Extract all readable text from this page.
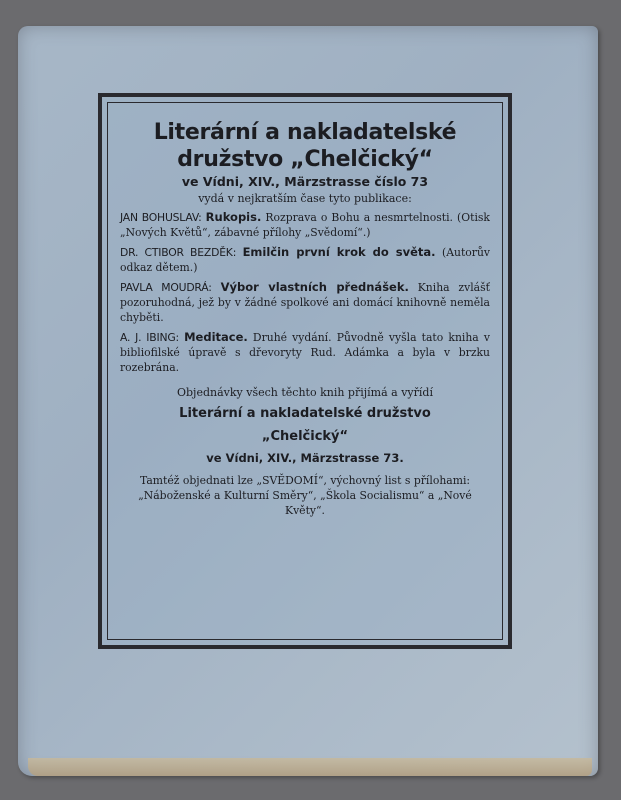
Literární a nakladatelské
družstvo „Chelčický“
ve Vídni, XIV., Märzstrasse číslo 73
vydá v nejkratším čase tyto publikace:
JAN BOHUSLAV: Rukopis. Rozprava o Bohu a nesmrtelnosti. (Otisk „Nových Květů“, zábavné přílohy „Svědomí“.)
DR. CTIBOR BEZDĚK: Emilčin první krok do světa. (Autorův odkaz dětem.)
PAVLA MOUDRÁ: Výbor vlastních přednášek. Kniha zvlášť pozoruhodná, jež by v žádné spolkové ani domácí knihovně neměla chyběti.
A. J. IBING: Meditace. Druhé vydání. Původně vyšla tato kniha v bibliofilské úpravě s dřevoryty Rud. Adámka a byla v brzku rozebrána.
Objednávky všech těchto knih přijímá a vyřídí
Literární a nakladatelské družstvo
„Chelčický“
ve Vídni, XIV., Märzstrasse 73.
Tamtéž objednati lze „SVĚDOMÍ“, výchovný list s přílohami: „Náboženské a Kulturní Směry“, „Škola Socialismu“ a „Nové Květy“.
